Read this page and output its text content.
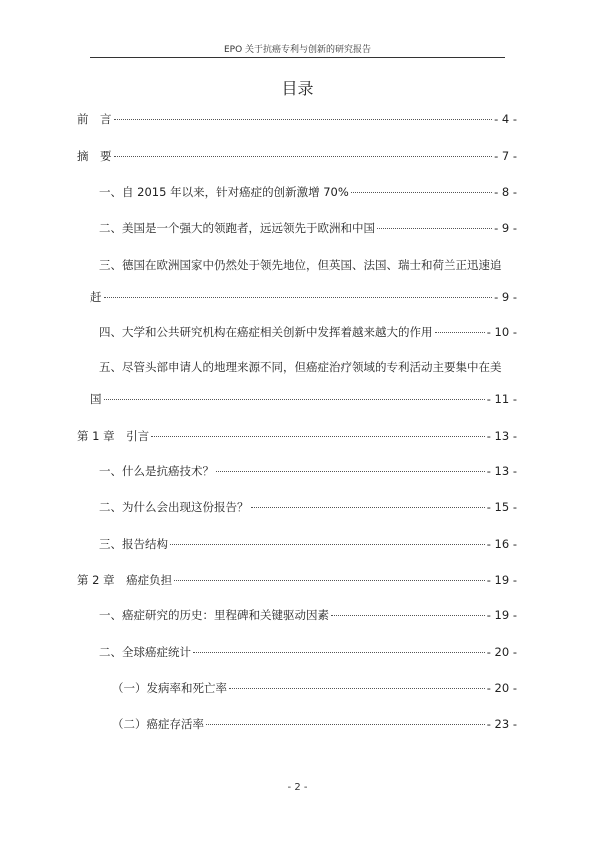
EPO 关于抗癌专利与创新的研究报告
目录
前　言	- 4 -
摘　要	- 7 -
一、自 2015 年以来，针对癌症的创新激增 70%	- 8 -
二、美国是一个强大的领跑者，远远领先于欧洲和中国	- 9 -
三、德国在欧洲国家中仍然处于领先地位，但英国、法国、瑞士和荷兰正迅速追
赶	- 9 -
四、大学和公共研究机构在癌症相关创新中发挥着越来越大的作用	- 10 -
五、尽管头部申请人的地理来源不同，但癌症治疗领域的专利活动主要集中在美
国	- 11 -
第 1 章　引言	- 13 -
一、什么是抗癌技术？	- 13 -
二、为什么会出现这份报告？	- 15 -
三、报告结构	- 16 -
第 2 章　癌症负担	- 19 -
一、癌症研究的历史：里程碑和关键驱动因素	- 19 -
二、全球癌症统计	- 20 -
（一）发病率和死亡率	- 20 -
（二）癌症存活率	- 23 -
- 2 -
